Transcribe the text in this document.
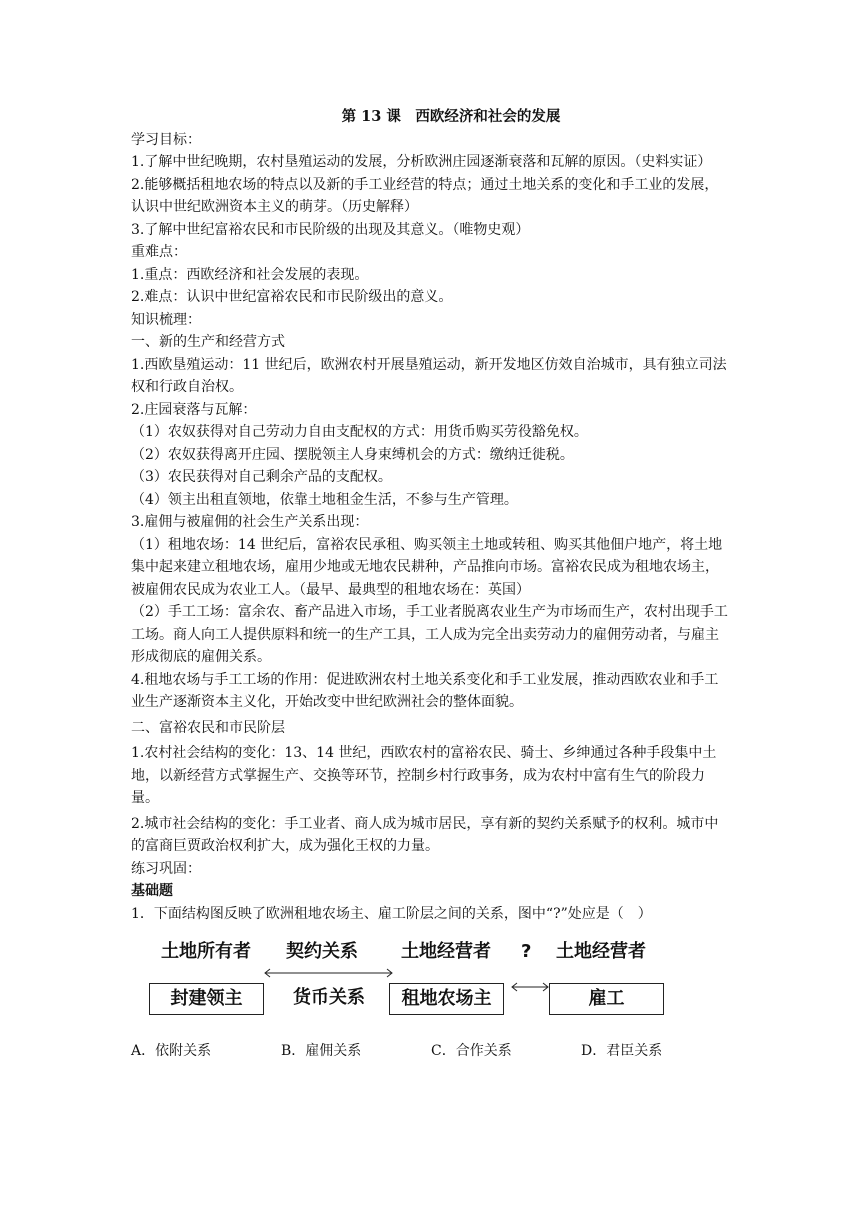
第 13 课　西欧经济和社会的发展
学习目标：
1.了解中世纪晚期，农村垦殖运动的发展，分析欧洲庄园逐渐衰落和瓦解的原因。（史料实证）
2.能够概括租地农场的特点以及新的手工业经营的特点；通过土地关系的变化和手工业的发展，认识中世纪欧洲资本主义的萌芽。（历史解释）
3.了解中世纪富裕农民和市民阶级的出现及其意义。（唯物史观）
重难点：
1.重点：西欧经济和社会发展的表现。
2.难点：认识中世纪富裕农民和市民阶级出的意义。
知识梳理：
一、新的生产和经营方式
1.西欧垦殖运动：11 世纪后，欧洲农村开展垦殖运动，新开发地区仿效自治城市，具有独立司法权和行政自治权。
2.庄园衰落与瓦解：
（1）农奴获得对自己劳动力自由支配权的方式：用货币购买劳役豁免权。
（2）农奴获得离开庄园、摆脱领主人身束缚机会的方式：缴纳迁徙税。
（3）农民获得对自己剩余产品的支配权。
（4）领主出租直领地，依靠土地租金生活，不参与生产管理。
3.雇佣与被雇佣的社会生产关系出现：
（1）租地农场：14 世纪后，富裕农民承租、购买领主土地或转租、购买其他佃户地产，将土地集中起来建立租地农场，雇用少地或无地农民耕种，产品推向市场。富裕农民成为租地农场主，被雇佣农民成为农业工人。（最早、最典型的租地农场在：英国）
（2）手工工场：富余农、畜产品进入市场，手工业者脱离农业生产为市场而生产，农村出现手工工场。商人向工人提供原料和统一的生产工具，工人成为完全出卖劳动力的雇佣劳动者，与雇主形成彻底的雇佣关系。
4.租地农场与手工工场的作用：促进欧洲农村土地关系变化和手工业发展，推动西欧农业和手工业生产逐渐资本主义化，开始改变中世纪欧洲社会的整体面貌。
二、富裕农民和市民阶层
1.农村社会结构的变化：13、14 世纪，西欧农村的富裕农民、骑士、乡绅通过各种手段集中土地，以新经营方式掌握生产、交换等环节，控制乡村行政事务，成为农村中富有生气的阶段力量。
2.城市社会结构的变化：手工业者、商人成为城市居民，享有新的契约关系赋予的权利。城市中的富商巨贾政治权利扩大，成为强化王权的力量。
练习巩固：
基础题
1．下面结构图反映了欧洲租地农场主、雇工阶层之间的关系，图中“?”处应是（　）
土地所有者 契约关系 土地经营者 ? 土地经营者
封建领主	货币关系	租地农场主	雇工
A．依附关系	B．雇佣关系	C．合作关系	D．君臣关系
